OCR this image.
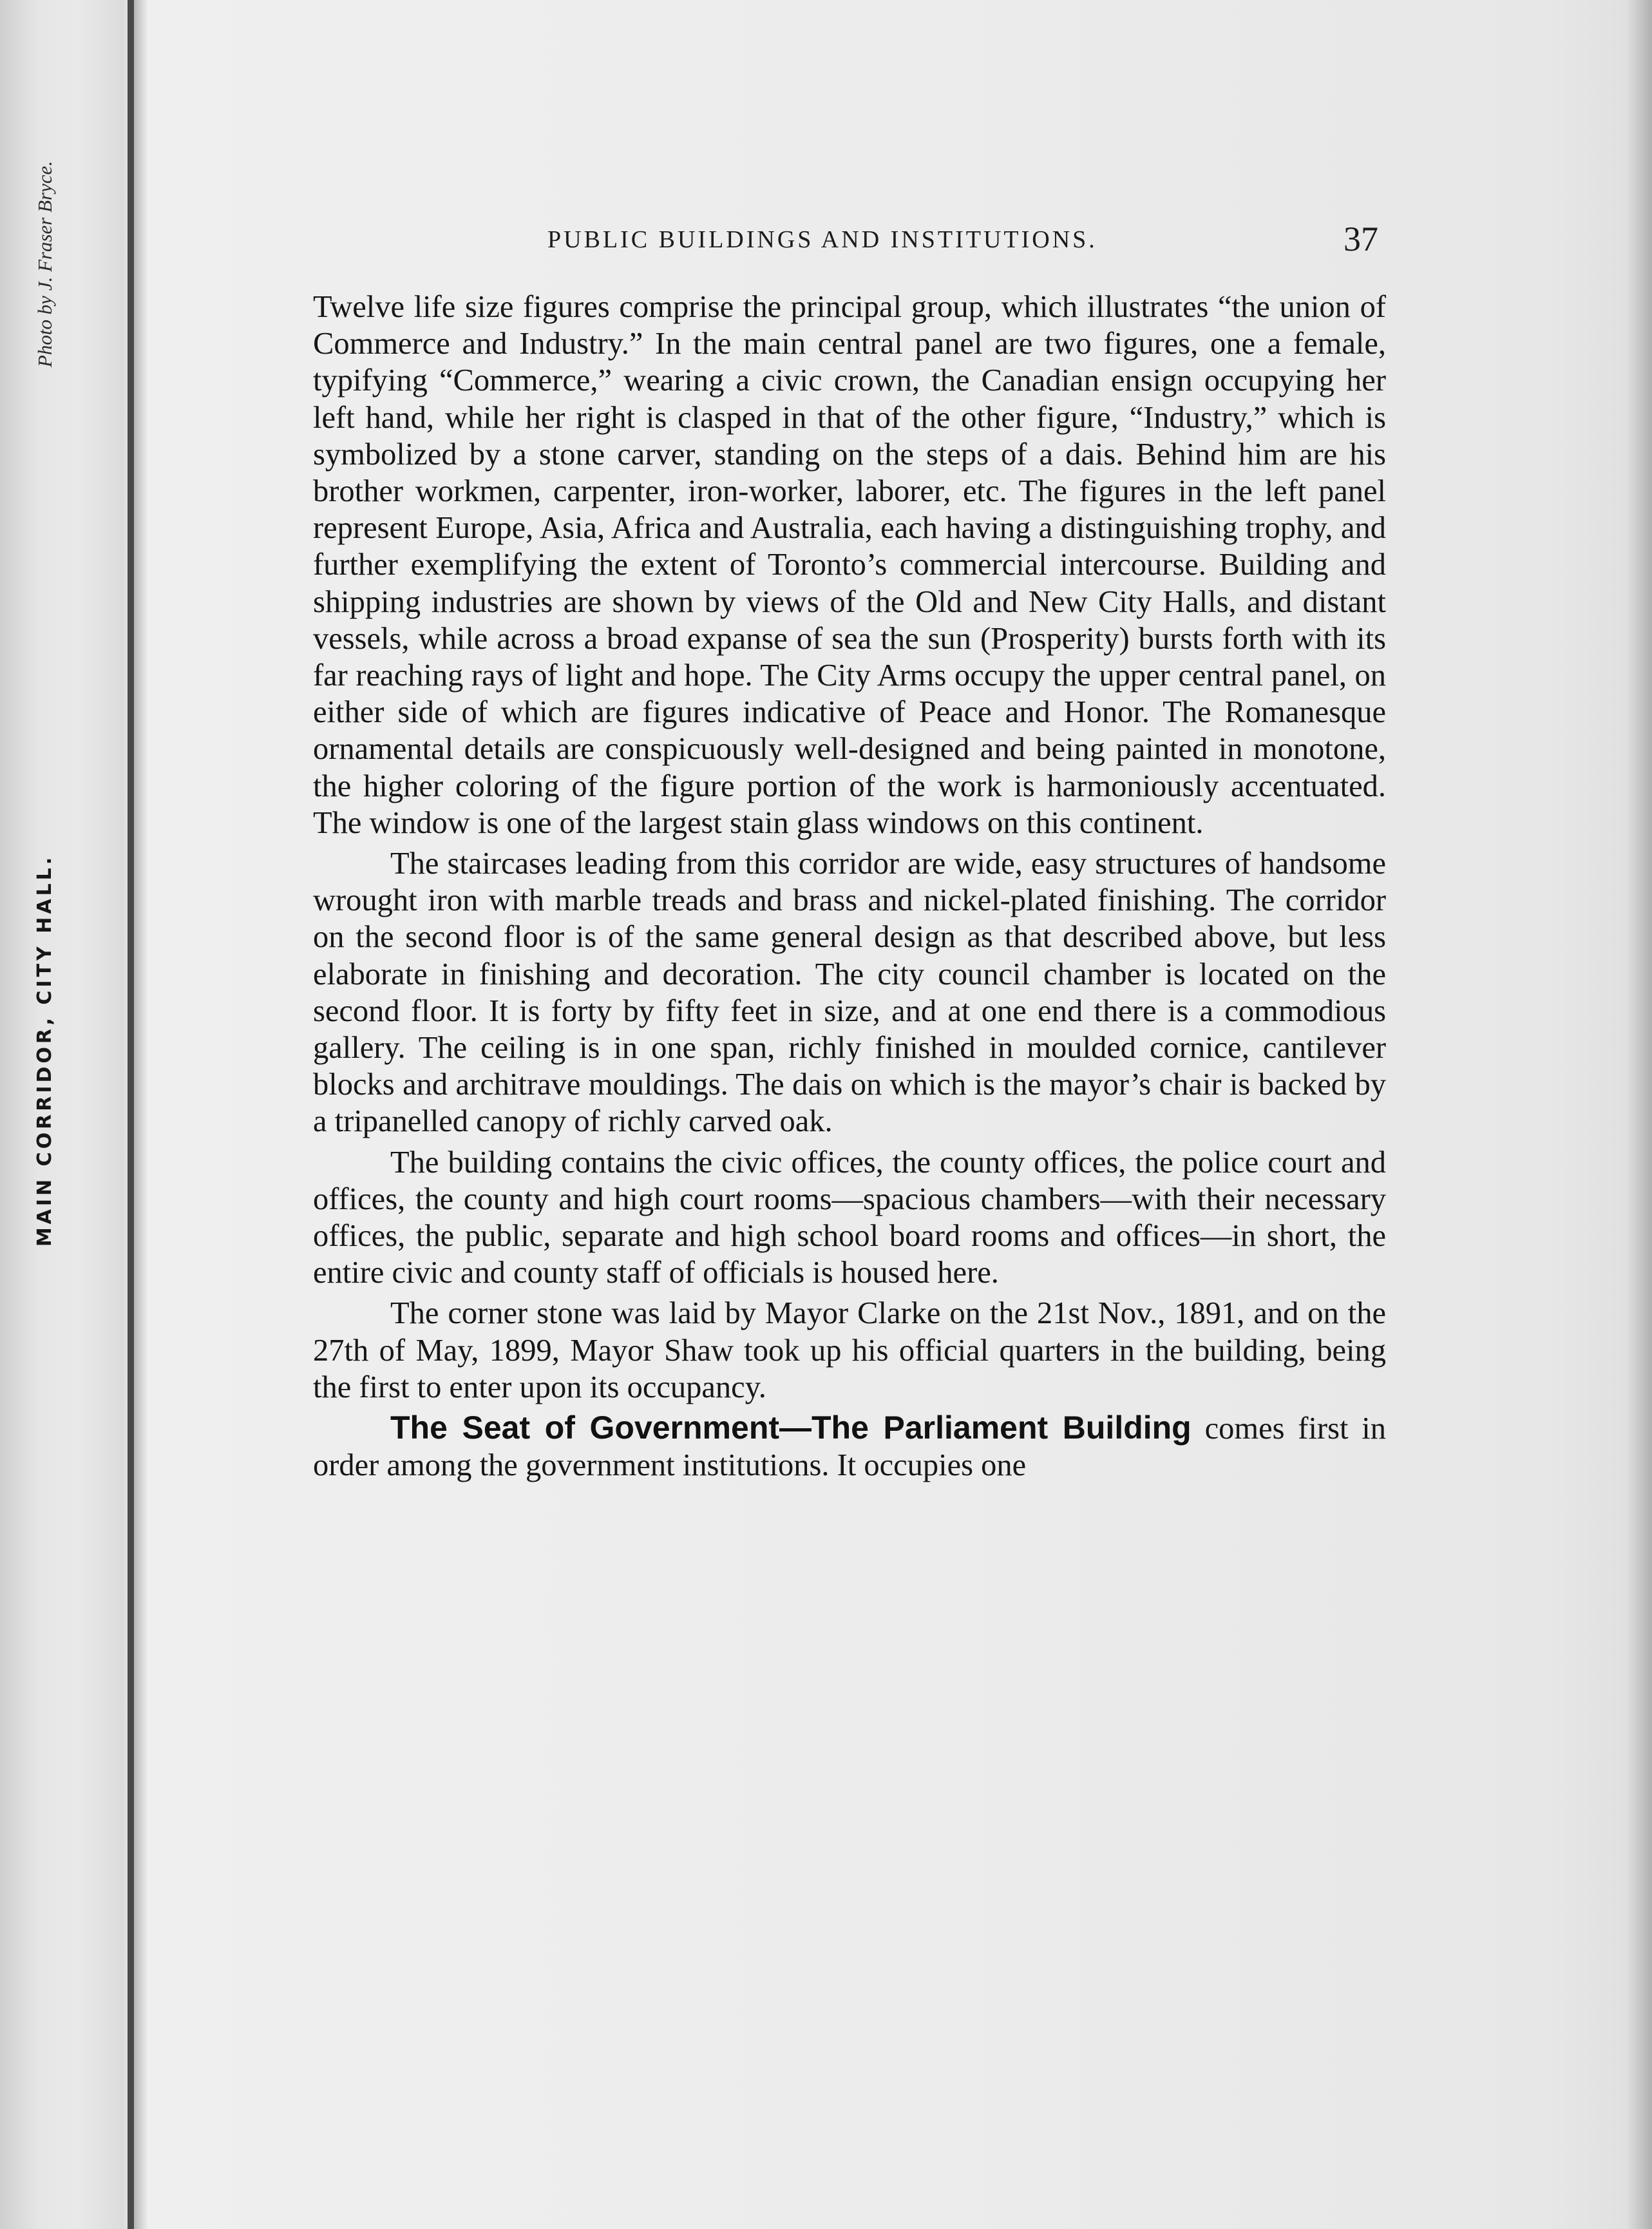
Photo by J. Fraser Bryce.
MAIN CORRIDOR, CITY HALL.
PUBLIC BUILDINGS AND INSTITUTIONS.	37

Twelve life size figures comprise the principal group, which illustrates “the union of Commerce and Industry.” In the main central panel are two figures, one a female, typifying “Commerce,” wearing a civic crown, the Canadian ensign occupying her left hand, while her right is clasped in that of the other figure, “Industry,” which is symbolized by a stone carver, standing on the steps of a dais. Behind him are his brother workmen, carpenter, iron-worker, laborer, etc. The figures in the left panel represent Europe, Asia, Africa and Australia, each having a distinguishing trophy, and further exemplifying the extent of Toronto’s commercial intercourse. Building and shipping industries are shown by views of the Old and New City Halls, and distant vessels, while across a broad expanse of sea the sun (Prosperity) bursts forth with its far reaching rays of light and hope. The City Arms occupy the upper central panel, on either side of which are figures indicative of Peace and Honor. The Romanesque ornamental details are conspicuously well-designed and being painted in monotone, the higher coloring of the figure portion of the work is harmoniously accentuated. The window is one of the largest stain glass windows on this continent.

The staircases leading from this corridor are wide, easy structures of handsome wrought iron with marble treads and brass and nickel-plated finishing. The corridor on the second floor is of the same general design as that described above, but less elaborate in finishing and decoration. The city council chamber is located on the second floor. It is forty by fifty feet in size, and at one end there is a commodious gallery. The ceiling is in one span, richly finished in moulded cornice, cantilever blocks and architrave mouldings. The dais on which is the mayor’s chair is backed by a tripanelled canopy of richly carved oak.

The building contains the civic offices, the county offices, the police court and offices, the county and high court rooms—spacious chambers—with their necessary offices, the public, separate and high school board rooms and offices—in short, the entire civic and county staff of officials is housed here.

The corner stone was laid by Mayor Clarke on the 21st Nov., 1891, and on the 27th of May, 1899, Mayor Shaw took up his official quarters in the building, being the first to enter upon its occupancy.

The Seat of Government—The Parliament Building comes first in order among the government institutions. It occupies one
